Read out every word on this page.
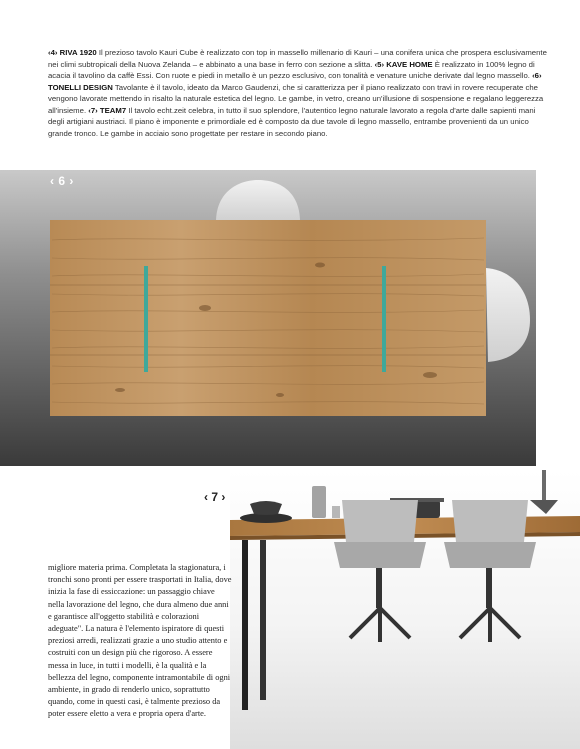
‹4› RIVA 1920 Il prezioso tavolo Kauri Cube è realizzato con top in massello millenario di Kauri – una conifera unica che prospera esclusivamente nei climi subtropicali della Nuova Zelanda – e abbinato a una base in ferro con sezione a slitta. ‹5› KAVE HOME È realizzato in 100% legno di acacia il tavolino da caffè Essi. Con ruote e piedi in metallo è un pezzo esclusivo, con tonalità e venature uniche derivate dal legno massello. ‹6› TONELLI DESIGN Tavolante è il tavolo, ideato da Marco Gaudenzi, che si caratterizza per il piano realizzato con travi in rovere recuperate che vengono lavorate mettendo in risalto la naturale estetica del legno. Le gambe, in vetro, creano un'illusione di sospensione e regalano leggerezza all'insieme. ‹7› TEAM7 Il tavolo echt.zeit celebra, in tutto il suo splendore, l'autentico legno naturale lavorato a regola d'arte dalle sapienti mani degli artigiani austriaci. Il piano è imponente e primordiale ed è composto da due tavole di legno massello, entrambe provenienti da un unico grande tronco. Le gambe in acciaio sono progettate per restare in secondo piano.
‹ 6 ›
‹ 7 ›

migliore materia prima. Completata la stagionatura, i tronchi sono pronti per essere trasportati in Italia, dove inizia la fase di essiccazione: un passaggio chiave nella lavorazione del legno, che dura almeno due anni e garantisce all'oggetto stabilità e colorazioni adeguate". La natura è l'elemento ispiratore di questi preziosi arredi, realizzati grazie a uno studio attento e costruiti con un design più che rigoroso. A essere messa in luce, in tutti i modelli, è la qualità e la bellezza del legno, componente intramontabile di ogni ambiente, in grado di renderlo unico, soprattutto quando, come in questi casi, è talmente prezioso da poter essere eletto a vera e propria opera d'arte.
